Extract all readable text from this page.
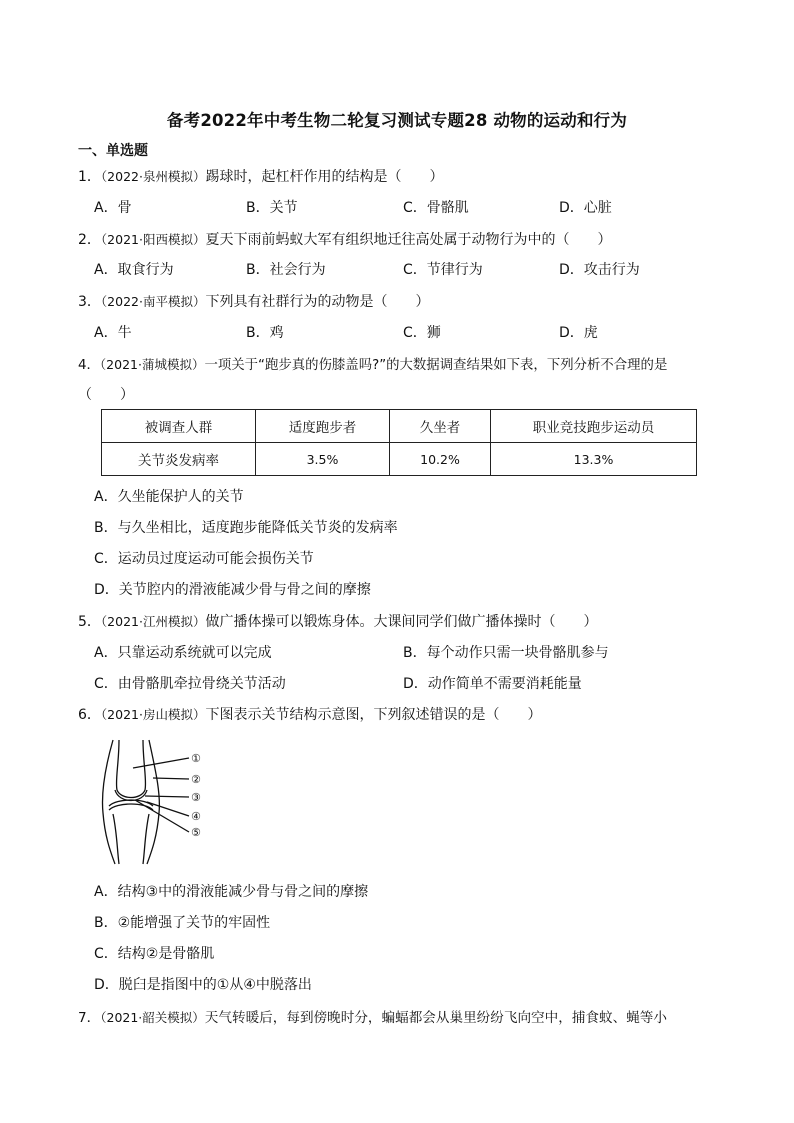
备考2022年中考生物二轮复习测试专题28 动物的运动和行为
一、单选题
1．（2022·泉州模拟）踢球时，起杠杆作用的结构是（　　）
A．骨	B．关节	C．骨骼肌	D．心脏
2．（2021·阳西模拟）夏天下雨前蚂蚁大军有组织地迁往高处属于动物行为中的（　　）
A．取食行为	B．社会行为	C．节律行为	D．攻击行为
3．（2022·南平模拟）下列具有社群行为的动物是（　　）
A．牛	B．鸡	C．狮	D．虎
4．（2021·蒲城模拟）一项关于“跑步真的伤膝盖吗?”的大数据调查结果如下表，下列分析不合理的是
（　　）
被调查人群	适度跑步者	久坐者	职业竞技跑步运动员
关节炎发病率	3.5%	10.2%	13.3%
A．久坐能保护人的关节
B．与久坐相比，适度跑步能降低关节炎的发病率
C．运动员过度运动可能会损伤关节
D．关节腔内的滑液能减少骨与骨之间的摩擦
5．（2021·江州模拟）做广播体操可以锻炼身体。大课间同学们做广播体操时（　　）
A．只靠运动系统就可以完成	B．每个动作只需一块骨骼肌参与
C．由骨骼肌牵拉骨绕关节活动	D．动作简单不需要消耗能量
6．（2021·房山模拟）下图表示关节结构示意图，下列叙述错误的是（　　）
①
②
③
④
⑤
A．结构③中的滑液能减少骨与骨之间的摩擦
B．②能增强了关节的牢固性
C．结构②是骨骼肌
D．脱臼是指图中的①从④中脱落出
7．（2021·韶关模拟）天气转暖后，每到傍晚时分，蝙蝠都会从巢里纷纷飞向空中，捕食蚊、蝇等小
